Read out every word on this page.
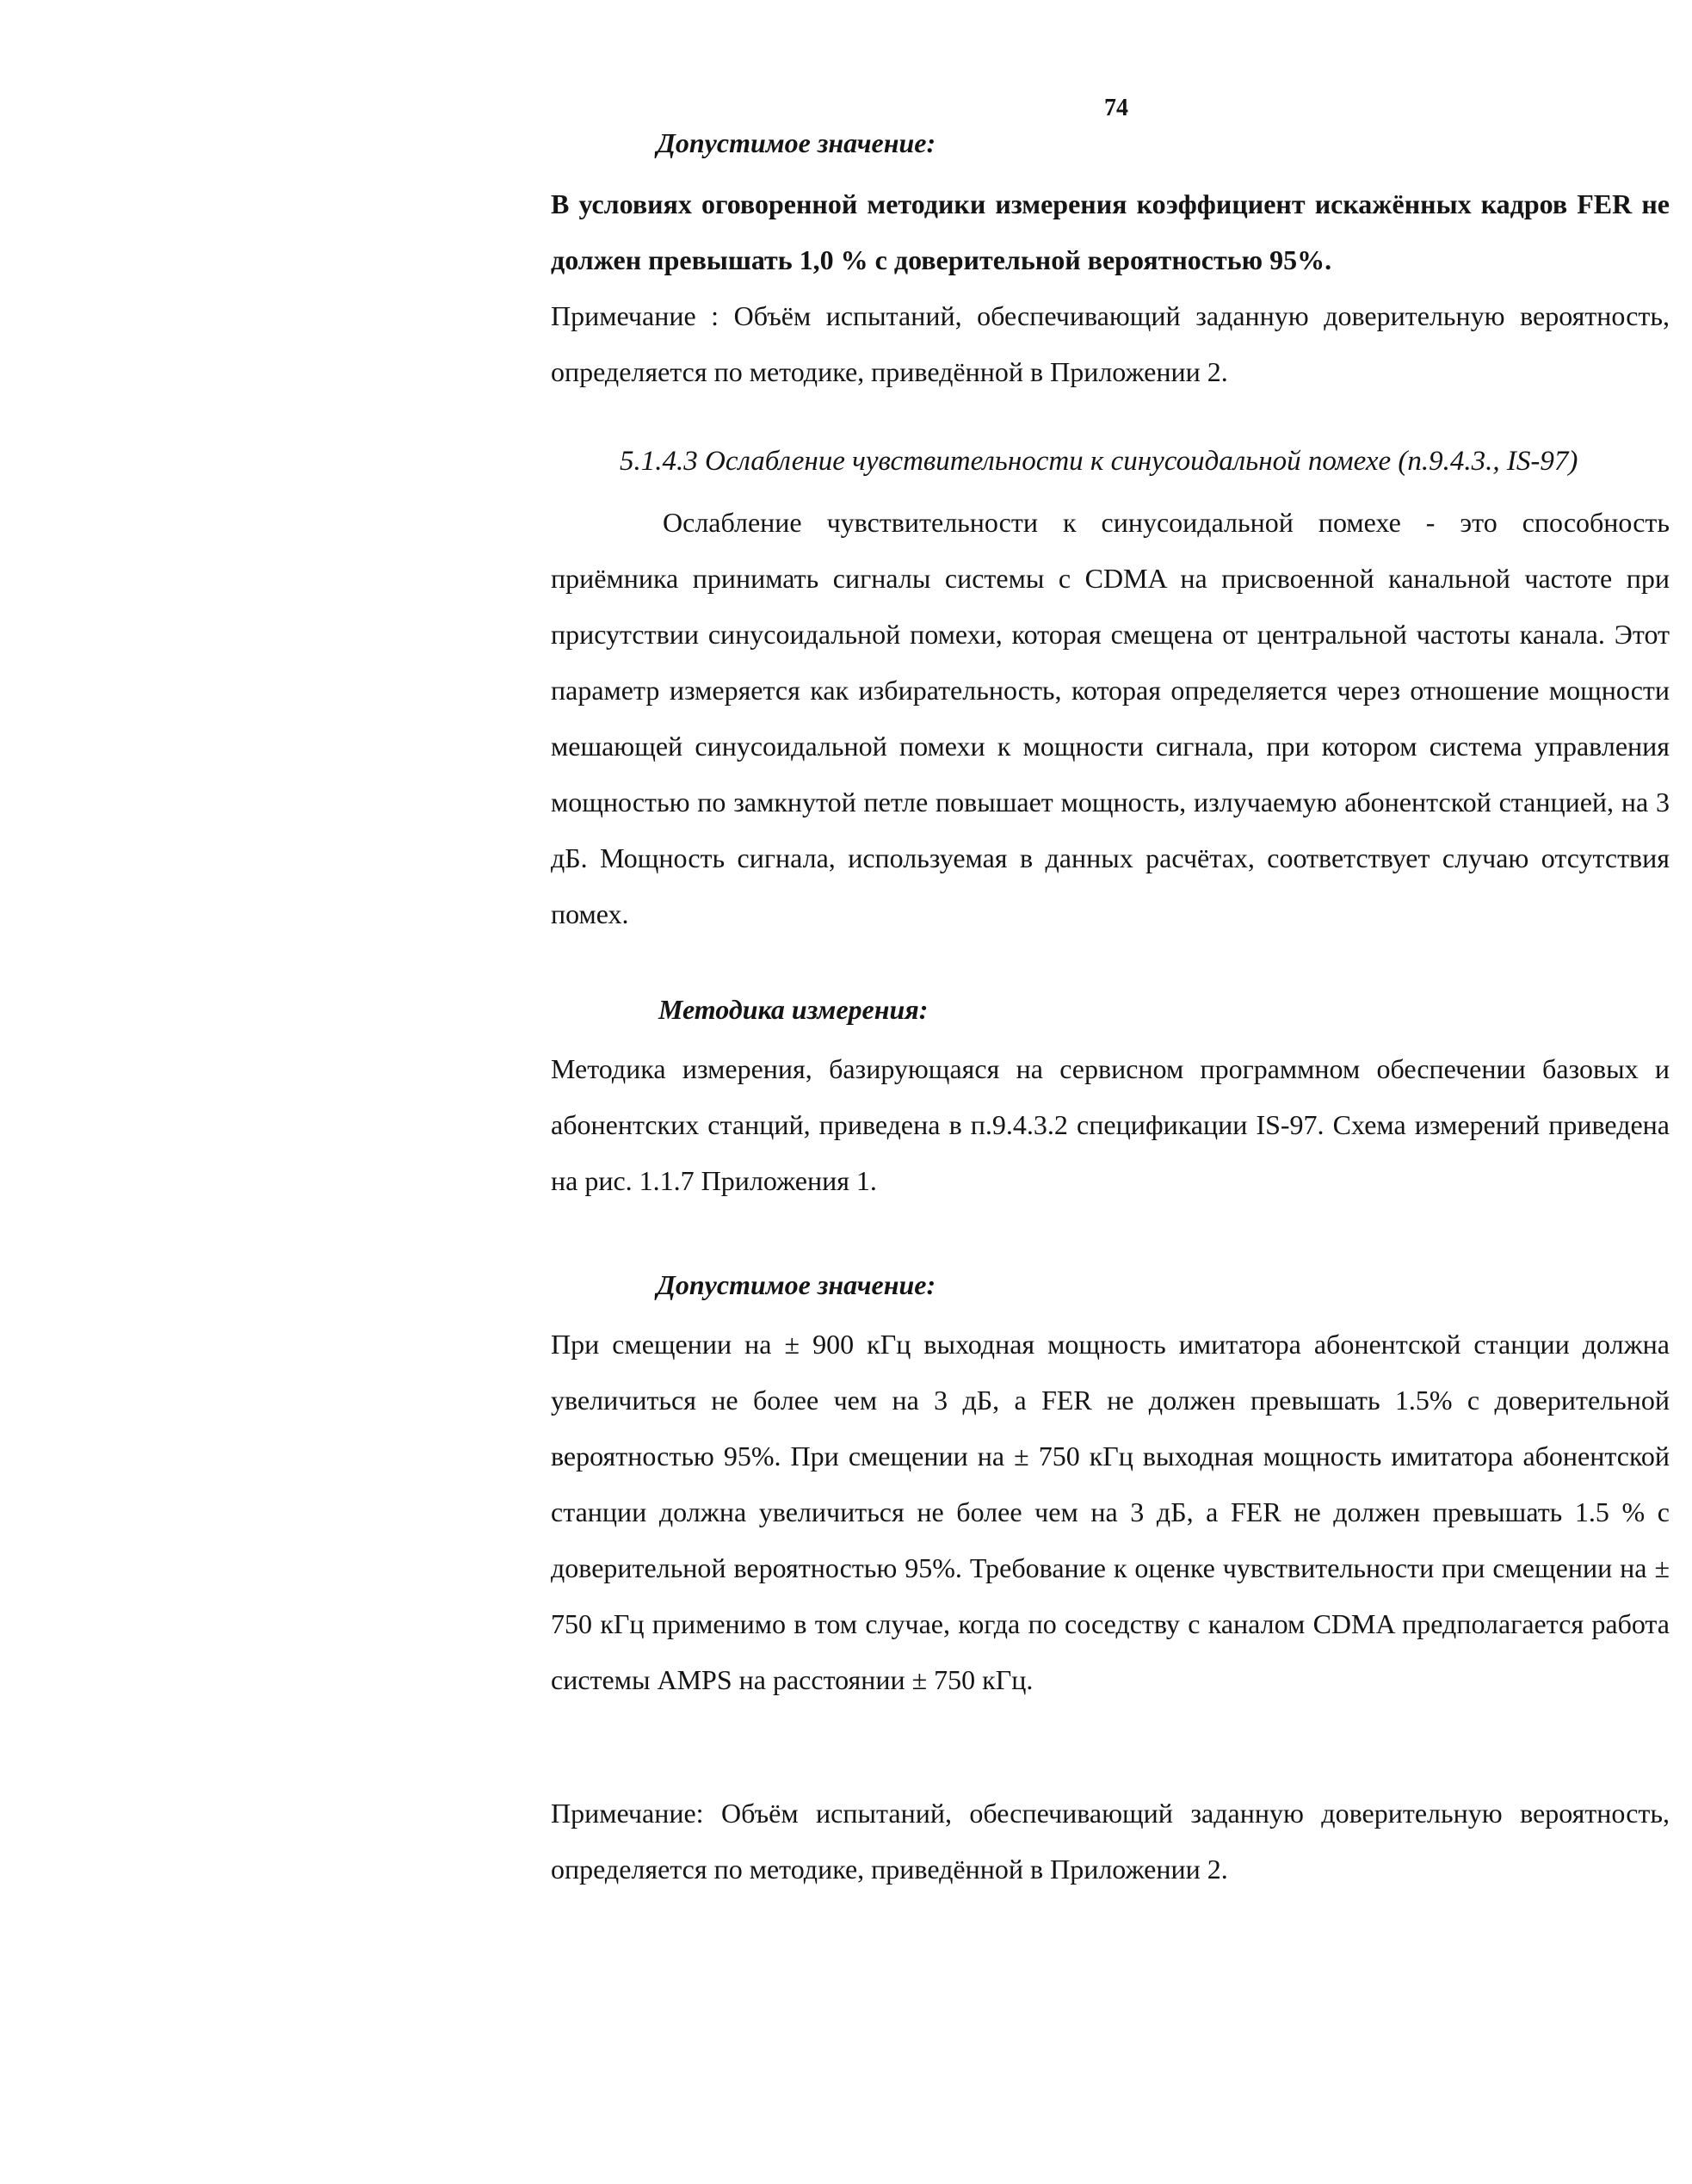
74
Допустимое значение:
В условиях оговоренной методики измерения коэффициент искажённых кадров FER не должен превышать 1,0 % с доверительной вероятностью 95%.
Примечание : Объём испытаний, обеспечивающий заданную доверительную вероятность, определяется по методике, приведённой в Приложении 2.
5.1.4.3 Ослабление чувствительности к синусоидальной помехе (п.9.4.3., IS-97)
Ослабление чувствительности к синусоидальной помехе - это способность приёмника принимать сигналы системы с CDMA на присвоенной канальной частоте при присутствии синусоидальной помехи, которая смещена от центральной частоты канала. Этот параметр измеряется как избирательность, которая определяется через отношение мощности мешающей синусоидальной помехи к мощности сигнала, при котором система управления мощностью по замкнутой петле повышает мощность, излучаемую абонентской станцией, на 3 дБ. Мощность сигнала, используемая в данных расчётах, соответствует случаю отсутствия помех.
Методика измерения:
Методика измерения, базирующаяся на сервисном программном обеспечении базовых и абонентских станций, приведена в п.9.4.3.2 спецификации IS-97. Схема измерений приведена на рис. 1.1.7 Приложения 1.
Допустимое значение:
При смещении на ± 900 кГц выходная мощность имитатора абонентской станции должна увеличиться не более чем на 3 дБ, а FER не должен превышать 1.5% с доверительной вероятностью 95%. При смещении на ± 750 кГц выходная мощность имитатора абонентской станции должна увеличиться не более чем на 3 дБ, а FER не должен превышать 1.5 % с доверительной вероятностью 95%. Требование к оценке чувствительности при смещении на ± 750 кГц применимо в том случае, когда по соседству с каналом CDMA предполагается работа системы AMPS на расстоянии ± 750 кГц.
Примечание: Объём испытаний, обеспечивающий заданную доверительную вероятность, определяется по методике, приведённой в Приложении 2.
